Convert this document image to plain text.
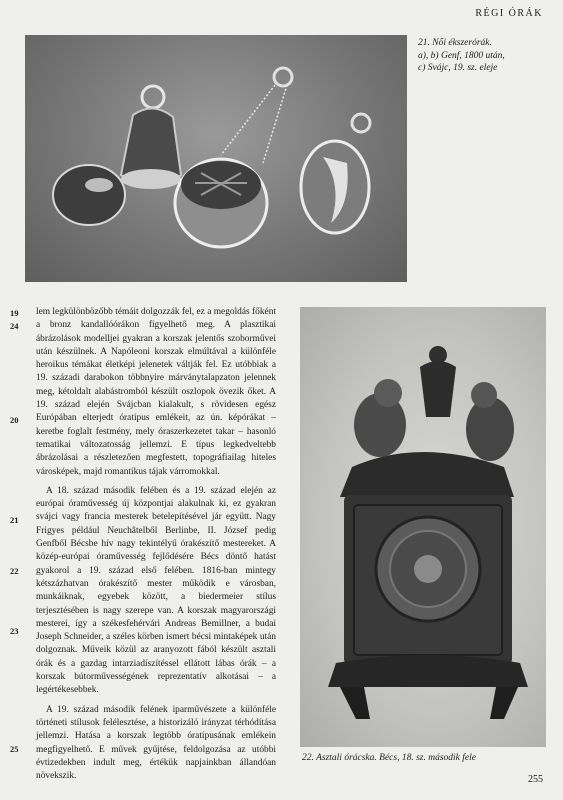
RÉGI ÓRÁK
21. Női ékszerórák.
a), b) Genf, 1800 után,
c) Svájc, 19. sz. eleje
19
24
20
21
22
23
25

lem legkülönbözőbb témáit dolgozzák fel, ez a megoldás főként a bronz kandallóórákon figyelhető meg. A plasztikai ábrázolások modelljei gyakran a korszak jelentős szoborművei után készülnek. A Napóleoni korszak elmúltával a különféle heroikus témákat életképi jelenetek váltják fel. Ez utóbbiak a 19. századi darabokon többnyire márványtalapzaton jelennek meg, kétoldalt alabástromból készült oszlopok övezik őket. A 19. század elején Svájcban kialakult, s rövidesen egész Európában elterjedt óratípus emlékeit, az ún. képórákat – keretbe foglalt festmény, mely óraszerkezetet takar – hasonló tematikai változatosság jellemzi. E típus legkedveltebb ábrázolásai a részletezően megfestett, topográfiailag hiteles városképek, majd romantikus tájak várromokkal.

A 18. század második felében és a 19. század elején az európai óraművesség új központjai alakulnak ki, ez gyakran svájci vagy francia mesterek betelepítésével jár együtt. Nagy Frigyes például Neuchâtelből Berlinbe, II. József pedig Genfből Bécsbe hív nagy tekintélyű órakészítő mestereket. A közép-európai óraművesség fejlődésére Bécs döntő hatást gyakorol a 19. század első felében. 1816-ban mintegy kétszázhatvan órakészítő mester működik e városban, munkáiknak, egyebek között, a biedermeier stílus terjesztésében is nagy szerepe van. A korszak magyarországi mesterei, így a székesfehérvári Andreas Bemillner, a budai Joseph Schneider, a széles körben ismert bécsi mintaképek után dolgoznak. Műveik közül az aranyozott fából készült asztali órák és a gazdag intarziadíszítéssel ellátott lábas órák – a korszak bútorművességének reprezentatív alkotásai – a legértékesebbek.

A 19. század második felének iparművészete a különféle történeti stílusok felélesztése, a historizáló irányzat térhódítása jellemzi. Hatása a korszak legtöbb óratípusának emlékein megfigyelhető. E művek gyűjtése, feldolgozása az utóbbi évtizedekben indult meg, értékük napjainkban állandóan növekszik.

22. Asztali órácska. Bécs, 18. sz. második fele
255
